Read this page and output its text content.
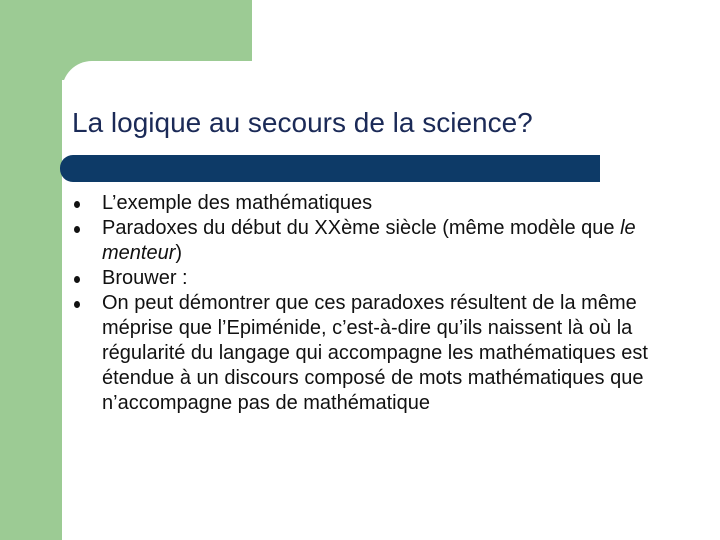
La logique au secours de la science?
L’exemple des mathématiques
Paradoxes du début du XXème siècle (même modèle que le menteur)
Brouwer :
On peut démontrer que ces paradoxes résultent de la même méprise que l’Epiménide, c’est-à-dire qu’ils naissent là où la régularité du langage qui accompagne les mathématiques est étendue à un discours composé de mots mathématiques que n’accompagne pas de mathématique
